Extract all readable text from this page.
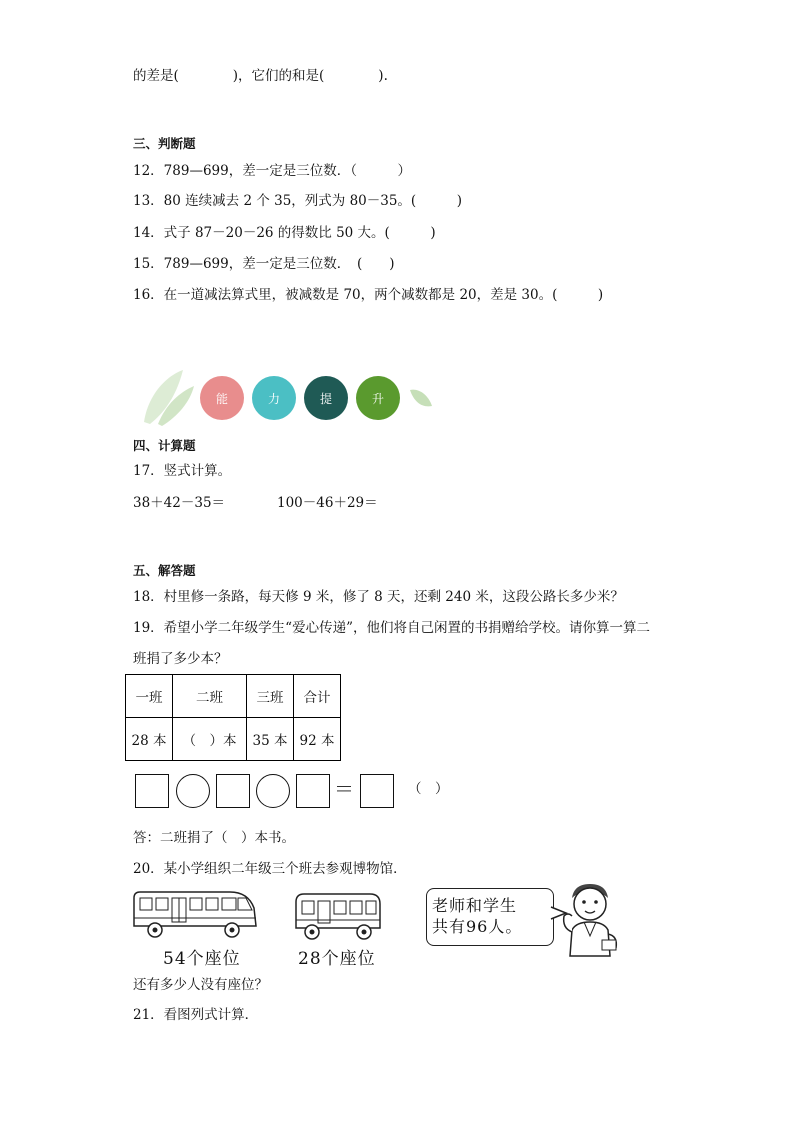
的差是(　　　　)，它们的和是(　　　　).
三、判断题
12．789—699，差一定是三位数．（　　　）
13．80 连续减去 2 个 35，列式为 80－35。(　　　)
14．式子 87－20－26 的得数比 50 大。(　　　)
15．789—699，差一定是三位数．　(　　)
16．在一道减法算式里，被减数是 70，两个减数都是 20，差是 30。(　　　)
能	力	提	升
四、计算题
17．竖式计算。
38＋42－35＝	100－46＋29＝
五、解答题
18．村里修一条路，每天修 9 米，修了 8 天，还剩 240 米，这段公路长多少米？
19．希望小学二年级学生“爱心传递”，他们将自己闲置的书捐赠给学校。请你算一算二
班捐了多少本？
一班	二班	三班	合计
28 本	（　）本	35 本	92 本
＝	（　）
答：二班捐了（　）本书。
20．某小学组织二年级三个班去参观博物馆．
54个座位	28个座位
老师和学生
共有96人。
还有多少人没有座位？
21．看图列式计算．
